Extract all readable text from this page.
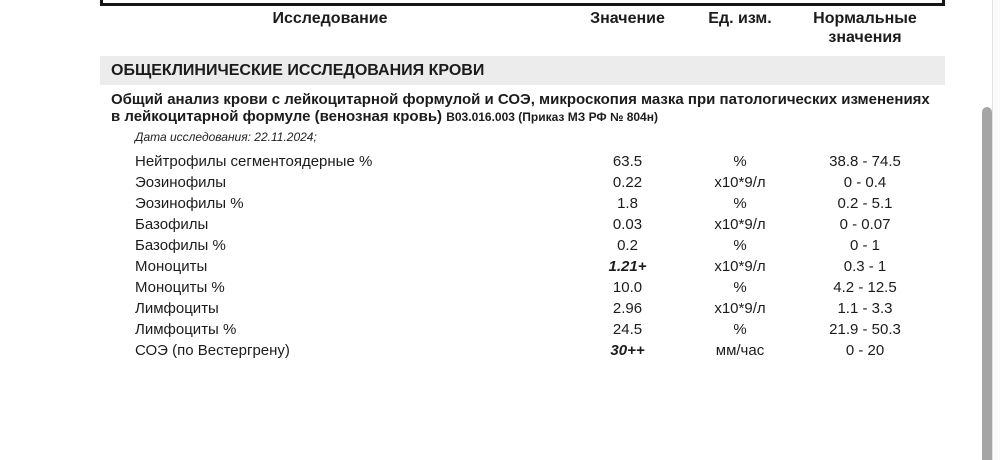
Исследование	Значение	Ед. изм.	Нормальные значения
ОБЩЕКЛИНИЧЕСКИЕ ИССЛЕДОВАНИЯ КРОВИ
Общий анализ крови с лейкоцитарной формулой и СОЭ, микроскопия мазка при патологических изменениях в лейкоцитарной формуле (венозная кровь) В03.016.003 (Приказ МЗ РФ № 804н)
Дата исследования: 22.11.2024;
Нейтрофилы сегментоядерные %	63.5	%	38.8 - 74.5
Эозинофилы	0.22	х10*9/л	0 - 0.4
Эозинофилы %	1.8	%	0.2 - 5.1
Базофилы	0.03	х10*9/л	0 - 0.07
Базофилы %	0.2	%	0 - 1
Моноциты	1.21+	х10*9/л	0.3 - 1
Моноциты %	10.0	%	4.2 - 12.5
Лимфоциты	2.96	х10*9/л	1.1 - 3.3
Лимфоциты %	24.5	%	21.9 - 50.3
СОЭ (по Вестергрену)	30++	мм/час	0 - 20
